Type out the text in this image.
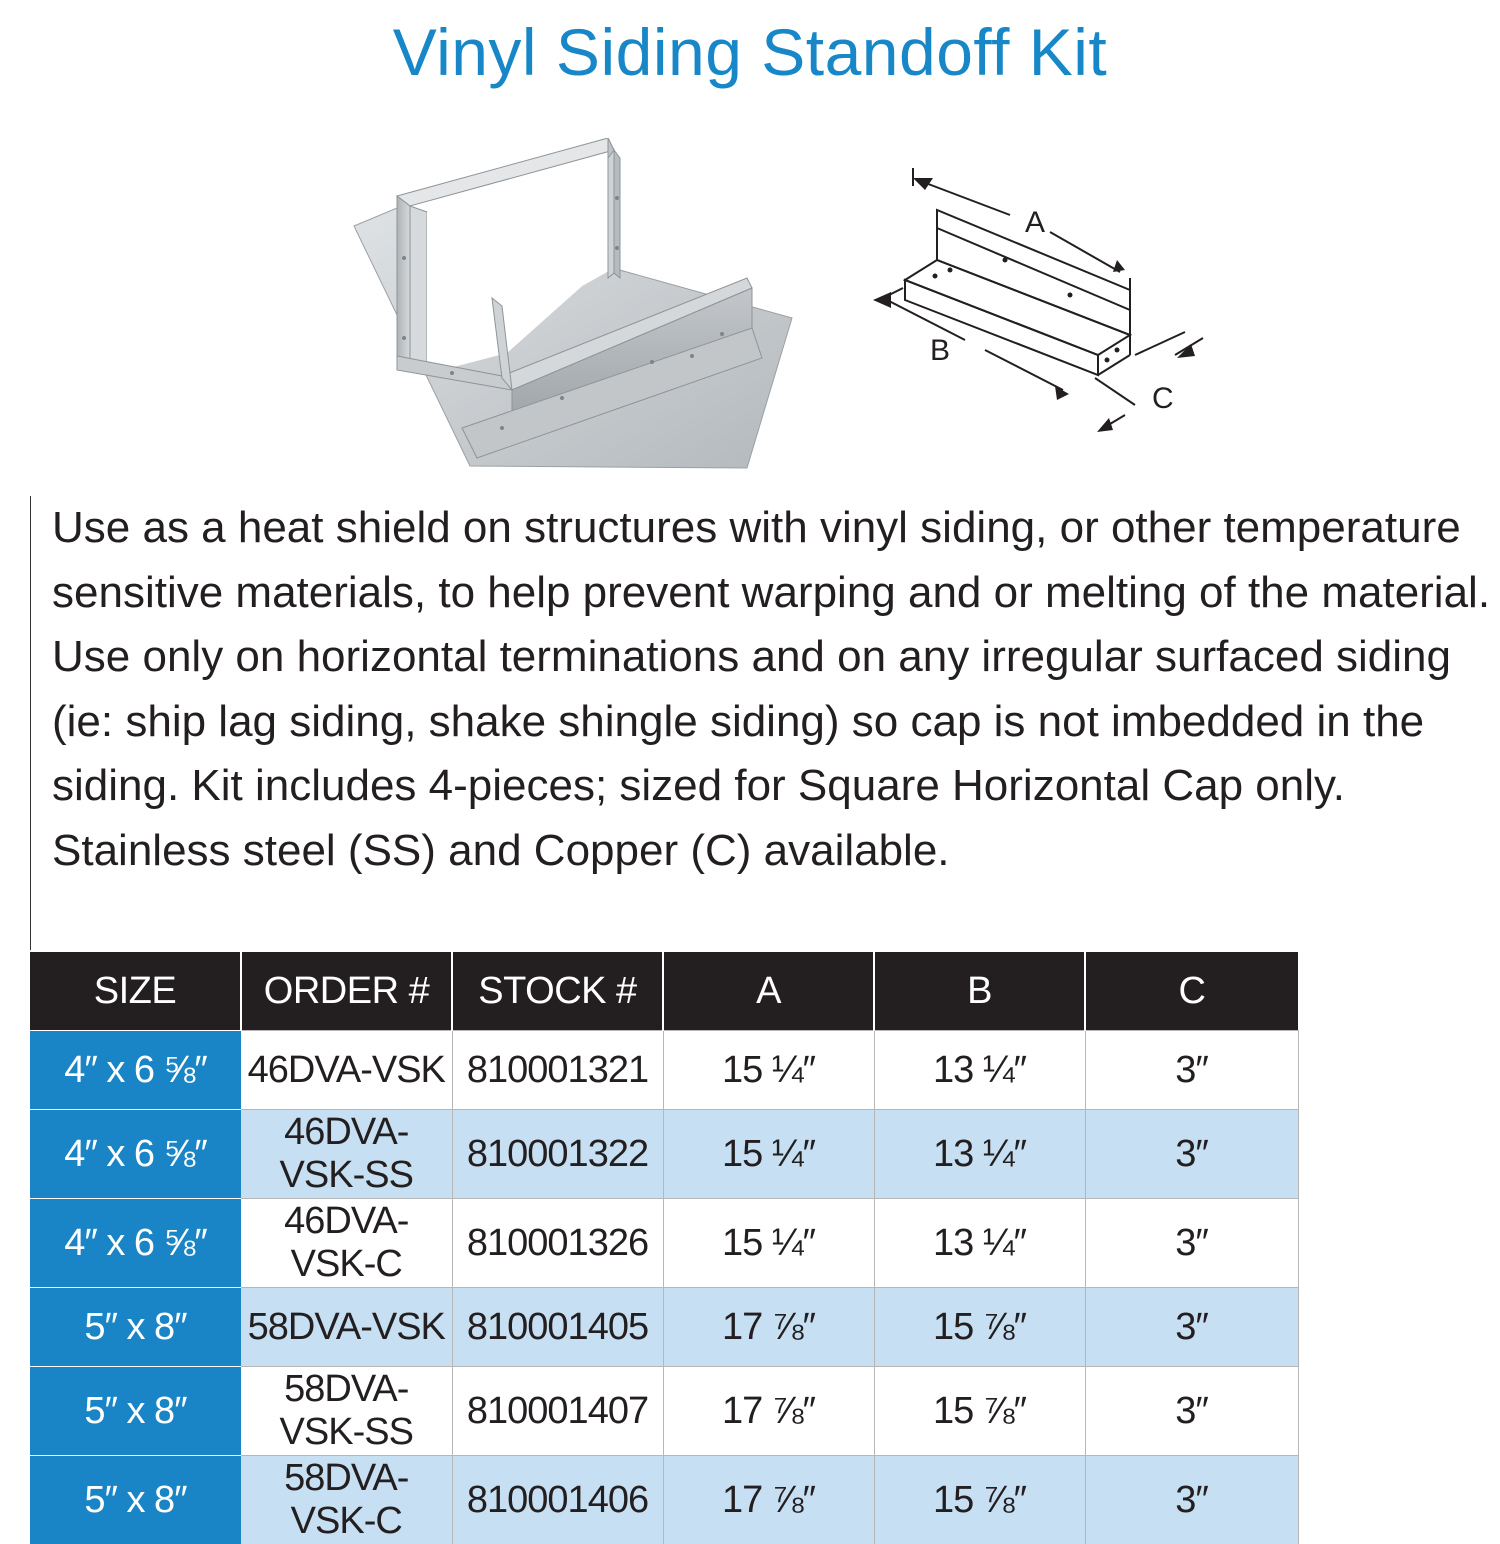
Vinyl Siding Standoff Kit
A
B
C
Use as a heat shield on structures with vinyl siding, or other temperature sensitive materials, to help prevent warping and or melting of the material. Use only on horizontal terminations and on any irregular surfaced siding (ie: ship lag siding, shake shingle siding) so cap is not imbedded in the siding. Kit includes 4-pieces; sized for Square Horizontal Cap only. Stainless steel (SS) and Copper (C) available.
SIZE	ORDER #	STOCK #	A	B	C
4″ x 6 ⅝″	46DVA-VSK	810001321	15 ¼″	13 ¼″	3″
4″ x 6 ⅝″	46DVA-VSK-SS	810001322	15 ¼″	13 ¼″	3″
4″ x 6 ⅝″	46DVA-VSK-C	810001326	15 ¼″	13 ¼″	3″
5″ x 8″	58DVA-VSK	810001405	17 ⅞″	15 ⅞″	3″
5″ x 8″	58DVA-VSK-SS	810001407	17 ⅞″	15 ⅞″	3″
5″ x 8″	58DVA-VSK-C	810001406	17 ⅞″	15 ⅞″	3″
